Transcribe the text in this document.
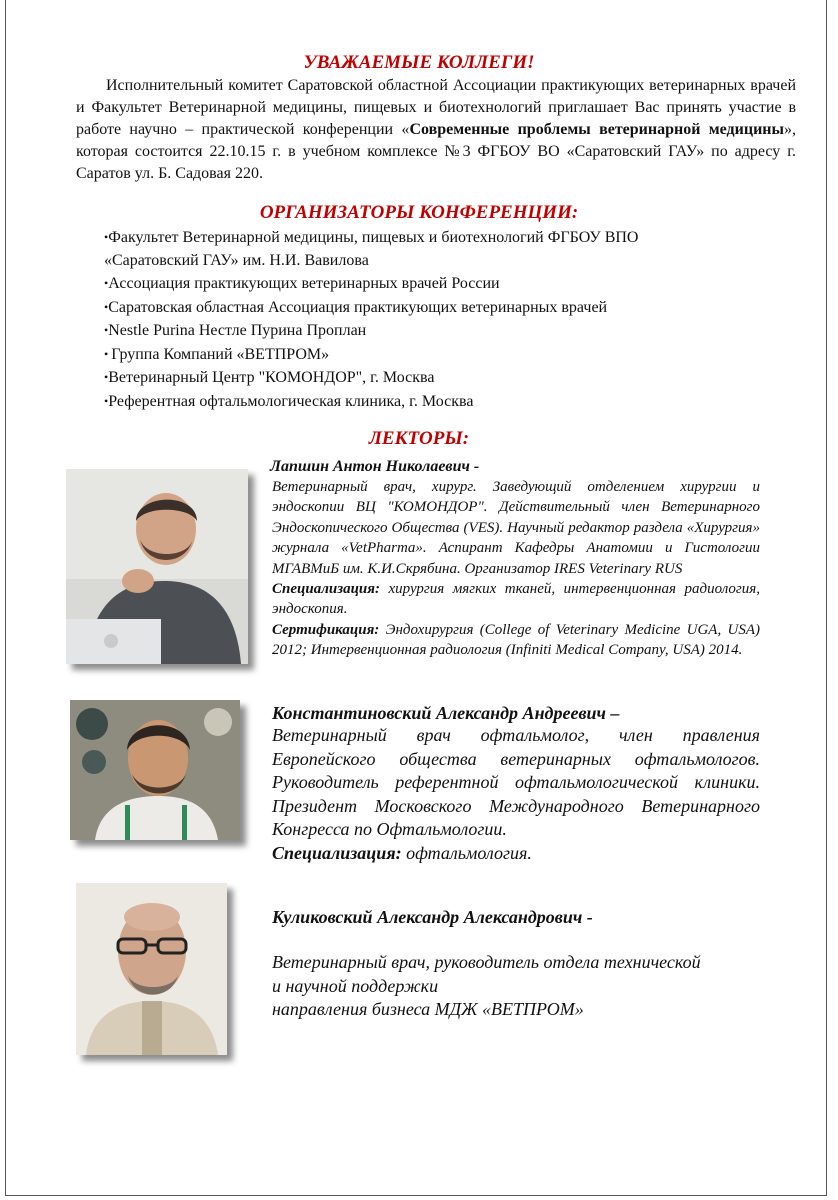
УВАЖАЕМЫЕ КОЛЛЕГИ!

Исполнительный комитет Саратовской областной Ассоциации практикующих ветеринарных врачей и Факультет Ветеринарной медицины, пищевых и биотехнологий приглашает Вас принять участие в работе научно – практической конференции «Современные проблемы ветеринарной медицины», которая состоится 22.10.15 г. в учебном комплексе №3 ФГБОУ ВО «Саратовский ГАУ» по адресу г. Саратов ул. Б. Садовая 220.

ОРГАНИЗАТОРЫ КОНФЕРЕНЦИИ:
•Факультет Ветеринарной медицины, пищевых и биотехнологий ФГБОУ ВПО
«Саратовский ГАУ» им. Н.И. Вавилова
•Ассоциация практикующих ветеринарных врачей России
•Саратовская областная Ассоциация практикующих ветеринарных врачей
•Nestle Purina Нестле Пурина Проплан
• Группа Компаний «ВЕТПРОМ»
•Ветеринарный Центр "КОМОНДОР", г. Москва
•Референтная офтальмологическая клиника, г. Москва
ЛЕКТОРЫ:
Лапшин Антон Николаевич -

Ветеринарный врач, хирург. Заведующий отделением хирургии и эндоскопии ВЦ "КОМОНДОР". Действительный член Ветеринарного Эндоскопического Общества (VES). Научный редактор раздела «Хирургия» журнала «VetPharma». Аспирант Кафедры Анатомии и Гистологии МГАВМиБ им. К.И.Скрябина. Организатор IRES Veterinary RUS

Специализация: хирургия мягких тканей, интервенционная радиология, эндоскопия.

Сертификация: Эндохирургия (College of Veterinary Medicine UGA, USA) 2012; Интервенционная радиология (Infiniti Medical Company, USA) 2014.

Константиновский Александр Андреевич –

Ветеринарный врач офтальмолог, член правления Европейского общества ветеринарных офтальмологов. Руководитель референтной офтальмологической клиники. Президент Московского Международного Ветеринарного Конгресса по Офтальмологии.

Специализация: офтальмология.

Куликовский Александр Александрович -
Ветеринарный врач, руководитель отдела технической
и научной поддержки
направления бизнеса МДЖ «ВЕТПРОМ»
